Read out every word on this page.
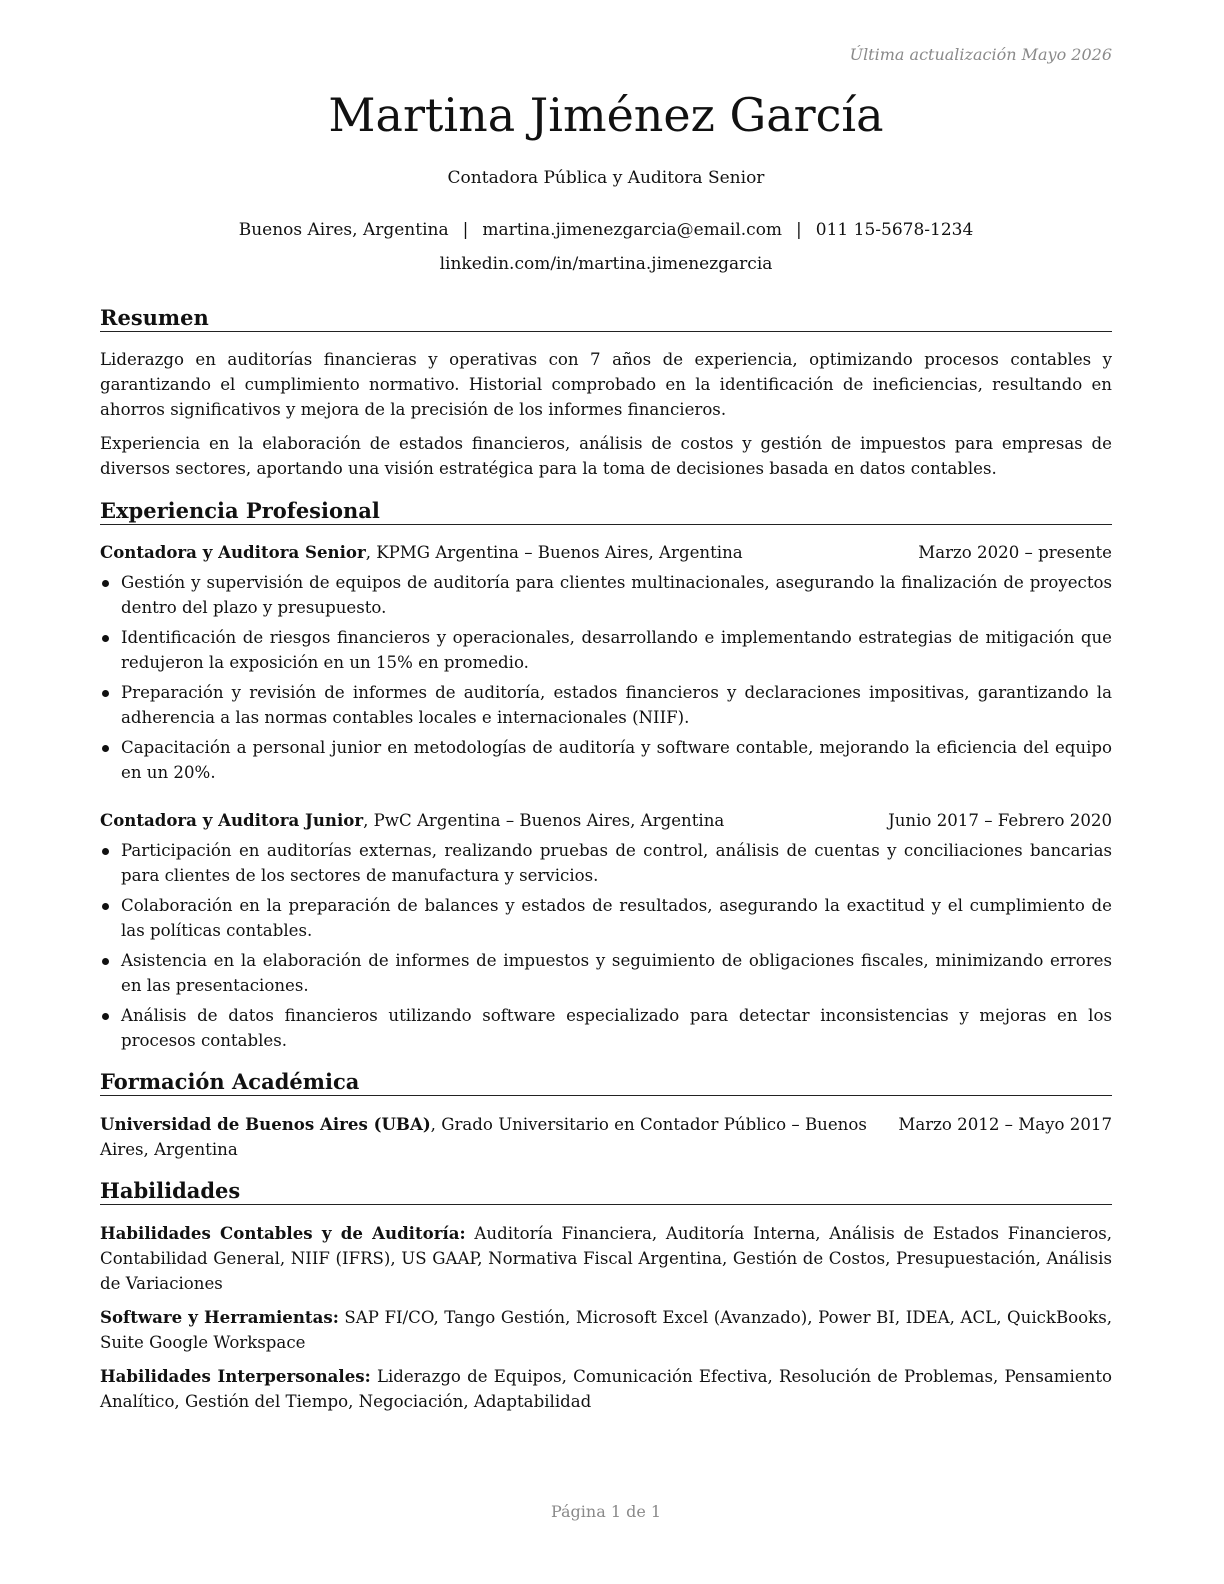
Última actualización Mayo 2026
Martina Jiménez García
Contadora Pública y Auditora Senior
Buenos Aires, Argentina | martina.jimenezgarcia@email.com | 011 15-5678-1234
linkedin.com/in/martina.jimenezgarcia
Resumen

Liderazgo en auditorías financieras y operativas con 7 años de experiencia, optimizando procesos contables y garantizando el cumplimiento normativo. Historial comprobado en la identificación de ineficiencias, resultando en ahorros significativos y mejora de la precisión de los informes financieros.

Experiencia en la elaboración de estados financieros, análisis de costos y gestión de impuestos para empresas de diversos sectores, aportando una visión estratégica para la toma de decisiones basada en datos contables.

Experiencia Profesional
Contadora y Auditora Senior, KPMG Argentina – Buenos Aires, Argentina	Marzo 2020 – presente
Gestión y supervisión de equipos de auditoría para clientes multinacionales, asegurando la finalización de proyectos dentro del plazo y presupuesto.
Identificación de riesgos financieros y operacionales, desarrollando e implementando estrategias de mitigación que redujeron la exposición en un 15% en promedio.
Preparación y revisión de informes de auditoría, estados financieros y declaraciones impositivas, garantizando la adherencia a las normas contables locales e internacionales (NIIF).
Capacitación a personal junior en metodologías de auditoría y software contable, mejorando la eficiencia del equipo en un 20%.
Contadora y Auditora Junior, PwC Argentina – Buenos Aires, Argentina	Junio 2017 – Febrero 2020
Participación en auditorías externas, realizando pruebas de control, análisis de cuentas y conciliaciones bancarias para clientes de los sectores de manufactura y servicios.
Colaboración en la preparación de balances y estados de resultados, asegurando la exactitud y el cumplimiento de las políticas contables.
Asistencia en la elaboración de informes de impuestos y seguimiento de obligaciones fiscales, minimizando errores en las presentaciones.
Análisis de datos financieros utilizando software especializado para detectar inconsistencias y mejoras en los procesos contables.
Formación Académica
Universidad de Buenos Aires (UBA), Grado Universitario en Contador Público – Buenos Aires, Argentina
Marzo 2012 – Mayo 2017
Habilidades
Habilidades Contables y de Auditoría: Auditoría Financiera, Auditoría Interna, Análisis de Estados Financieros, Contabilidad General, NIIF (IFRS), US GAAP, Normativa Fiscal Argentina, Gestión de Costos, Presupuestación, Análisis de Variaciones
Software y Herramientas: SAP FI/CO, Tango Gestión, Microsoft Excel (Avanzado), Power BI, IDEA, ACL, QuickBooks, Suite Google Workspace
Habilidades Interpersonales: Liderazgo de Equipos, Comunicación Efectiva, Resolución de Problemas, Pensamiento Analítico, Gestión del Tiempo, Negociación, Adaptabilidad
Página 1 de 1
